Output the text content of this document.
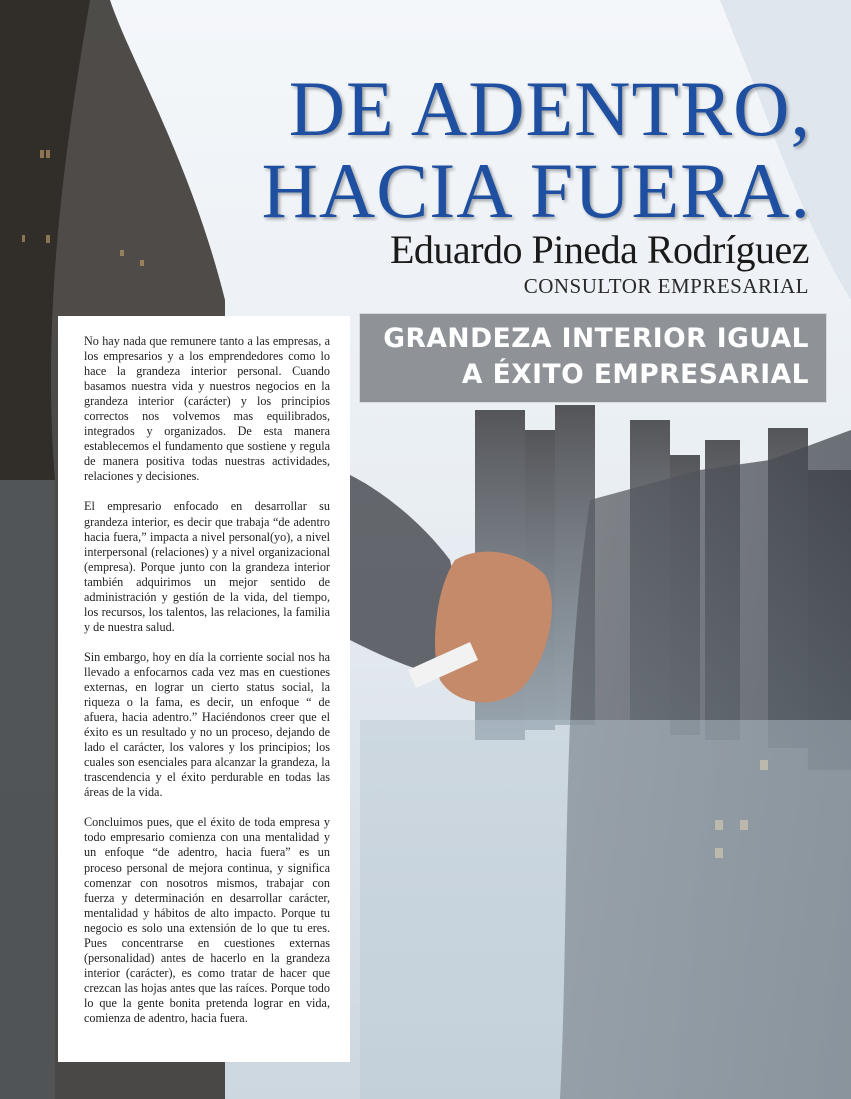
DE ADENTRO,
HACIA FUERA.
Eduardo Pineda Rodríguez
CONSULTOR EMPRESARIAL
GRANDEZA INTERIOR IGUAL
A ÉXITO EMPRESARIAL

No hay nada que remunere tanto a las empresas, a los empresarios y a los emprendedores como lo hace la grandeza interior personal. Cuando basamos nuestra vida y nuestros negocios en la grandeza interior (carácter) y los principios correctos nos volvemos mas equilibrados, integrados y organizados. De esta manera establecemos el fundamento que sostiene y regula de manera positiva todas nuestras actividades, relaciones y decisiones.

El empresario enfocado en desarrollar su grandeza interior, es decir que trabaja “de adentro hacia fuera,” impacta a nivel personal(yo), a nivel interpersonal (relaciones) y a nivel organizacional (empresa). Porque junto con la grandeza interior también adquirimos un mejor sentido de administración y gestión de la vida, del tiempo, los recursos, los talentos, las relaciones, la familia y de nuestra salud.

Sin embargo, hoy en día la corriente social nos ha llevado a enfocarnos cada vez mas en cuestiones externas, en lograr un cierto status social, la riqueza o la fama, es decir, un enfoque “ de afuera, hacia adentro.” Haciéndonos creer que el éxito es un resultado y no un proceso, dejando de lado el carácter, los valores y los principios; los cuales son esenciales para alcanzar la grandeza, la trascendencia y el éxito perdurable en todas las áreas de la vida.

Concluimos pues, que el éxito de toda empresa y todo empresario comienza con una mentalidad y un enfoque “de adentro, hacia fuera” es un proceso personal de mejora continua, y significa comenzar con nosotros mismos, trabajar con fuerza y determinación en desarrollar carácter, mentalidad y hábitos de alto impacto. Porque tu negocio es solo una extensión de lo que tu eres. Pues concentrarse en cuestiones externas (personalidad) antes de hacerlo en la grandeza interior (carácter), es como tratar de hacer que crezcan las hojas antes que las raíces. Porque todo lo que la gente bonita pretenda lograr en vida, comienza de adentro, hacia fuera.
